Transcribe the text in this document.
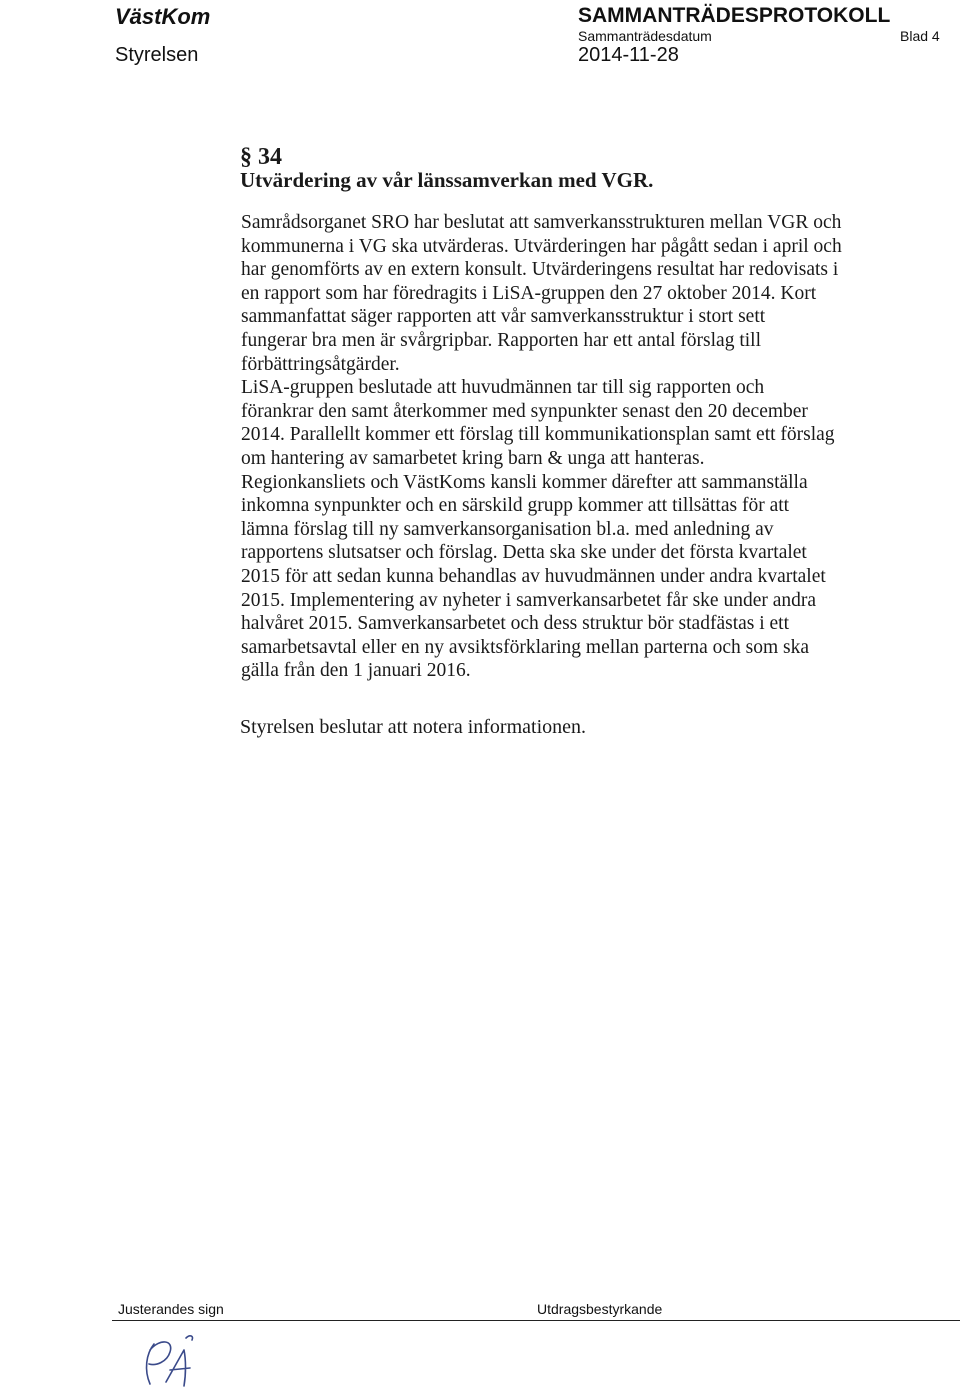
VästKom
Styrelsen
SAMMANTRÄDESPROTOKOLL
Sammanträdesdatum
2014-11-28
Blad 4
§ 34
Utvärdering av vår länssamverkan med VGR.
Samrådsorganet SRO har beslutat att samverkansstrukturen mellan VGR och
kommunerna i VG ska utvärderas. Utvärderingen har pågått sedan i april och
har genomförts av en extern konsult. Utvärderingens resultat har redovisats i
en rapport som har föredragits i LiSA-gruppen den 27 oktober 2014. Kort
sammanfattat säger rapporten att vår samverkansstruktur i stort sett
fungerar bra men är svårgripbar. Rapporten har ett antal förslag till
förbättringsåtgärder.
LiSA-gruppen beslutade att huvudmännen tar till sig rapporten och
förankrar den samt återkommer med synpunkter senast den 20 december
2014. Parallellt kommer ett förslag till kommunikationsplan samt ett förslag
om hantering av samarbetet kring barn & unga att hanteras.
Regionkansliets och VästKoms kansli kommer därefter att sammanställa
inkomna synpunkter och en särskild grupp kommer att tillsättas för att
lämna förslag till ny samverkansorganisation bl.a. med anledning av
rapportens slutsatser och förslag. Detta ska ske under det första kvartalet
2015 för att sedan kunna behandlas av huvudmännen under andra kvartalet
2015. Implementering av nyheter i samverkansarbetet får ske under andra
halvåret 2015. Samverkansarbetet och dess struktur bör stadfästas i ett
samarbetsavtal eller en ny avsiktsförklaring mellan parterna och som ska
gälla från den 1 januari 2016.
Styrelsen beslutar att notera informationen.
Justerandes sign	Utdragsbestyrkande
